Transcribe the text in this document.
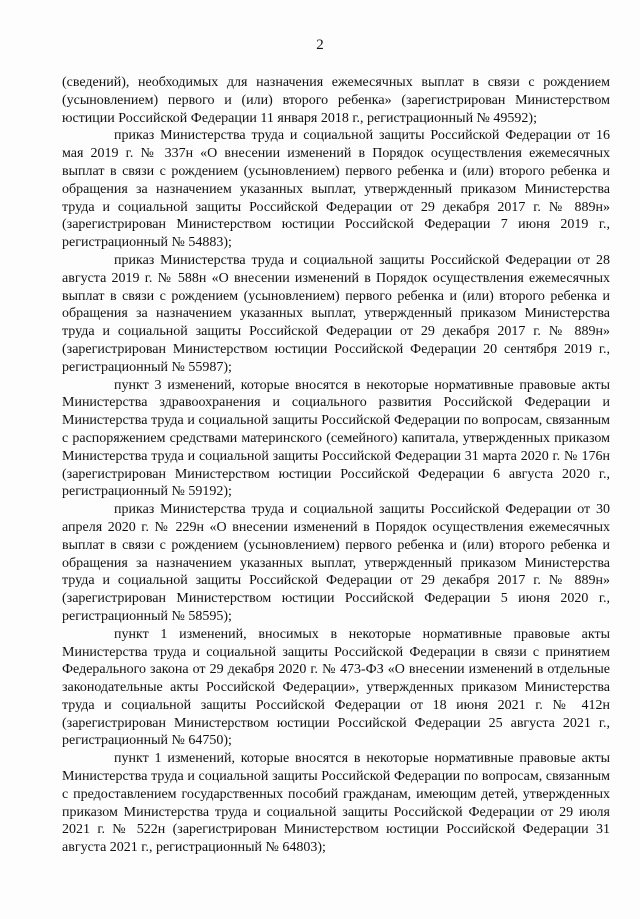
2

(сведений), необходимых для назначения ежемесячных выплат в связи с рождением (усыновлением) первого и (или) второго ребенка» (зарегистрирован Министерством юстиции Российской Федерации 11 января 2018 г., регистрационный № 49592);

приказ Министерства труда и социальной защиты Российской Федерации от 16 мая 2019 г. № 337н «О внесении изменений в Порядок осуществления ежемесячных выплат в связи с рождением (усыновлением) первого ребенка и (или) второго ребенка и обращения за назначением указанных выплат, утвержденный приказом Министерства труда и социальной защиты Российской Федерации от 29 декабря 2017 г. № 889н» (зарегистрирован Министерством юстиции Российской Федерации 7 июня 2019 г., регистрационный № 54883);

приказ Министерства труда и социальной защиты Российской Федерации от 28 августа 2019 г. № 588н «О внесении изменений в Порядок осуществления ежемесячных выплат в связи с рождением (усыновлением) первого ребенка и (или) второго ребенка и обращения за назначением указанных выплат, утвержденный приказом Министерства труда и социальной защиты Российской Федерации от 29 декабря 2017 г. № 889н» (зарегистрирован Министерством юстиции Российской Федерации 20 сентября 2019 г., регистрационный № 55987);

пункт 3 изменений, которые вносятся в некоторые нормативные правовые акты Министерства здравоохранения и социального развития Российской Федерации и Министерства труда и социальной защиты Российской Федерации по вопросам, связанным с распоряжением средствами материнского (семейного) капитала, утвержденных приказом Министерства труда и социальной защиты Российской Федерации 31 марта 2020 г. № 176н (зарегистрирован Министерством юстиции Российской Федерации 6 августа 2020 г., регистрационный № 59192);

приказ Министерства труда и социальной защиты Российской Федерации от 30 апреля 2020 г. № 229н «О внесении изменений в Порядок осуществления ежемесячных выплат в связи с рождением (усыновлением) первого ребенка и (или) второго ребенка и обращения за назначением указанных выплат, утвержденный приказом Министерства труда и социальной защиты Российской Федерации от 29 декабря 2017 г. № 889н» (зарегистрирован Министерством юстиции Российской Федерации 5 июня 2020 г., регистрационный № 58595);

пункт 1 изменений, вносимых в некоторые нормативные правовые акты Министерства труда и социальной защиты Российской Федерации в связи с принятием Федерального закона от 29 декабря 2020 г. № 473-ФЗ «О внесении изменений в отдельные законодательные акты Российской Федерации», утвержденных приказом Министерства труда и социальной защиты Российской Федерации от 18 июня 2021 г. № 412н (зарегистрирован Министерством юстиции Российской Федерации 25 августа 2021 г., регистрационный № 64750);

пункт 1 изменений, которые вносятся в некоторые нормативные правовые акты Министерства труда и социальной защиты Российской Федерации по вопросам, связанным с предоставлением государственных пособий гражданам, имеющим детей, утвержденных приказом Министерства труда и социальной защиты Российской Федерации от 29 июля 2021 г. № 522н (зарегистрирован Министерством юстиции Российской Федерации 31 августа 2021 г., регистрационный № 64803);
